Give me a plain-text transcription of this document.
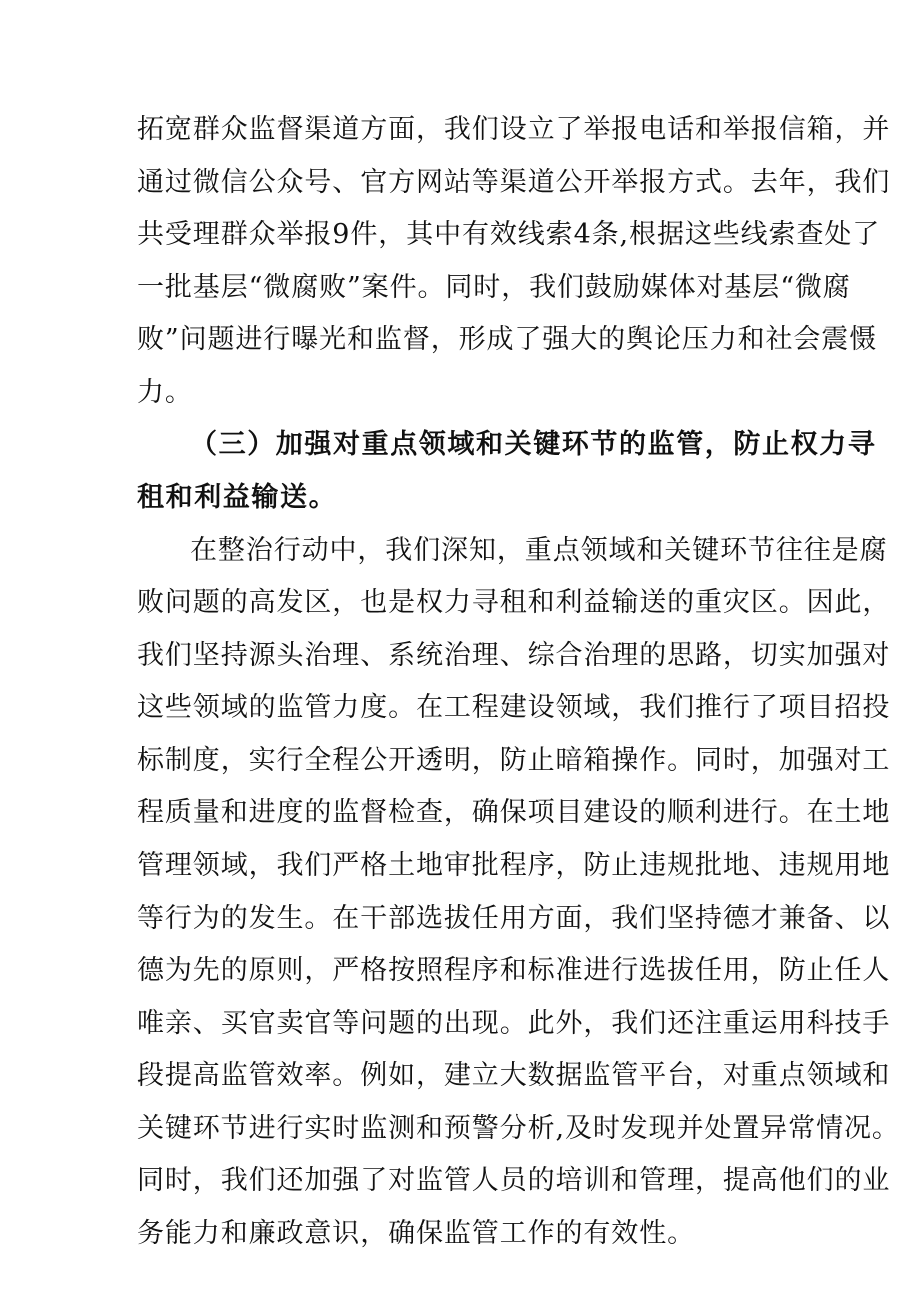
拓宽群众监督渠道方面，我们设立了举报电话和举报信箱，并

通过微信公众号、官方网站等渠道公开举报方式。去年，我们

共受理群众举报9件，其中有效线索4条,根据这些线索查处了

一批基层“微腐败”案件。同时，我们鼓励媒体对基层“微腐

败”问题进行曝光和监督，形成了强大的舆论压力和社会震慑

力。

（三）加强对重点领域和关键环节的监管，防止权力寻

租和利益输送。

在整治行动中，我们深知，重点领域和关键环节往往是腐

败问题的高发区，也是权力寻租和利益输送的重灾区。因此，

我们坚持源头治理、系统治理、综合治理的思路，切实加强对

这些领域的监管力度。在工程建设领域，我们推行了项目招投

标制度，实行全程公开透明，防止暗箱操作。同时，加强对工

程质量和进度的监督检查，确保项目建设的顺利进行。在土地

管理领域，我们严格土地审批程序，防止违规批地、违规用地

等行为的发生。在干部选拔任用方面，我们坚持德才兼备、以

德为先的原则，严格按照程序和标准进行选拔任用，防止任人

唯亲、买官卖官等问题的出现。此外，我们还注重运用科技手

段提高监管效率。例如，建立大数据监管平台，对重点领域和

关键环节进行实时监测和预警分析,及时发现并处置异常情况。

同时，我们还加强了对监管人员的培训和管理，提高他们的业

务能力和廉政意识，确保监管工作的有效性。
